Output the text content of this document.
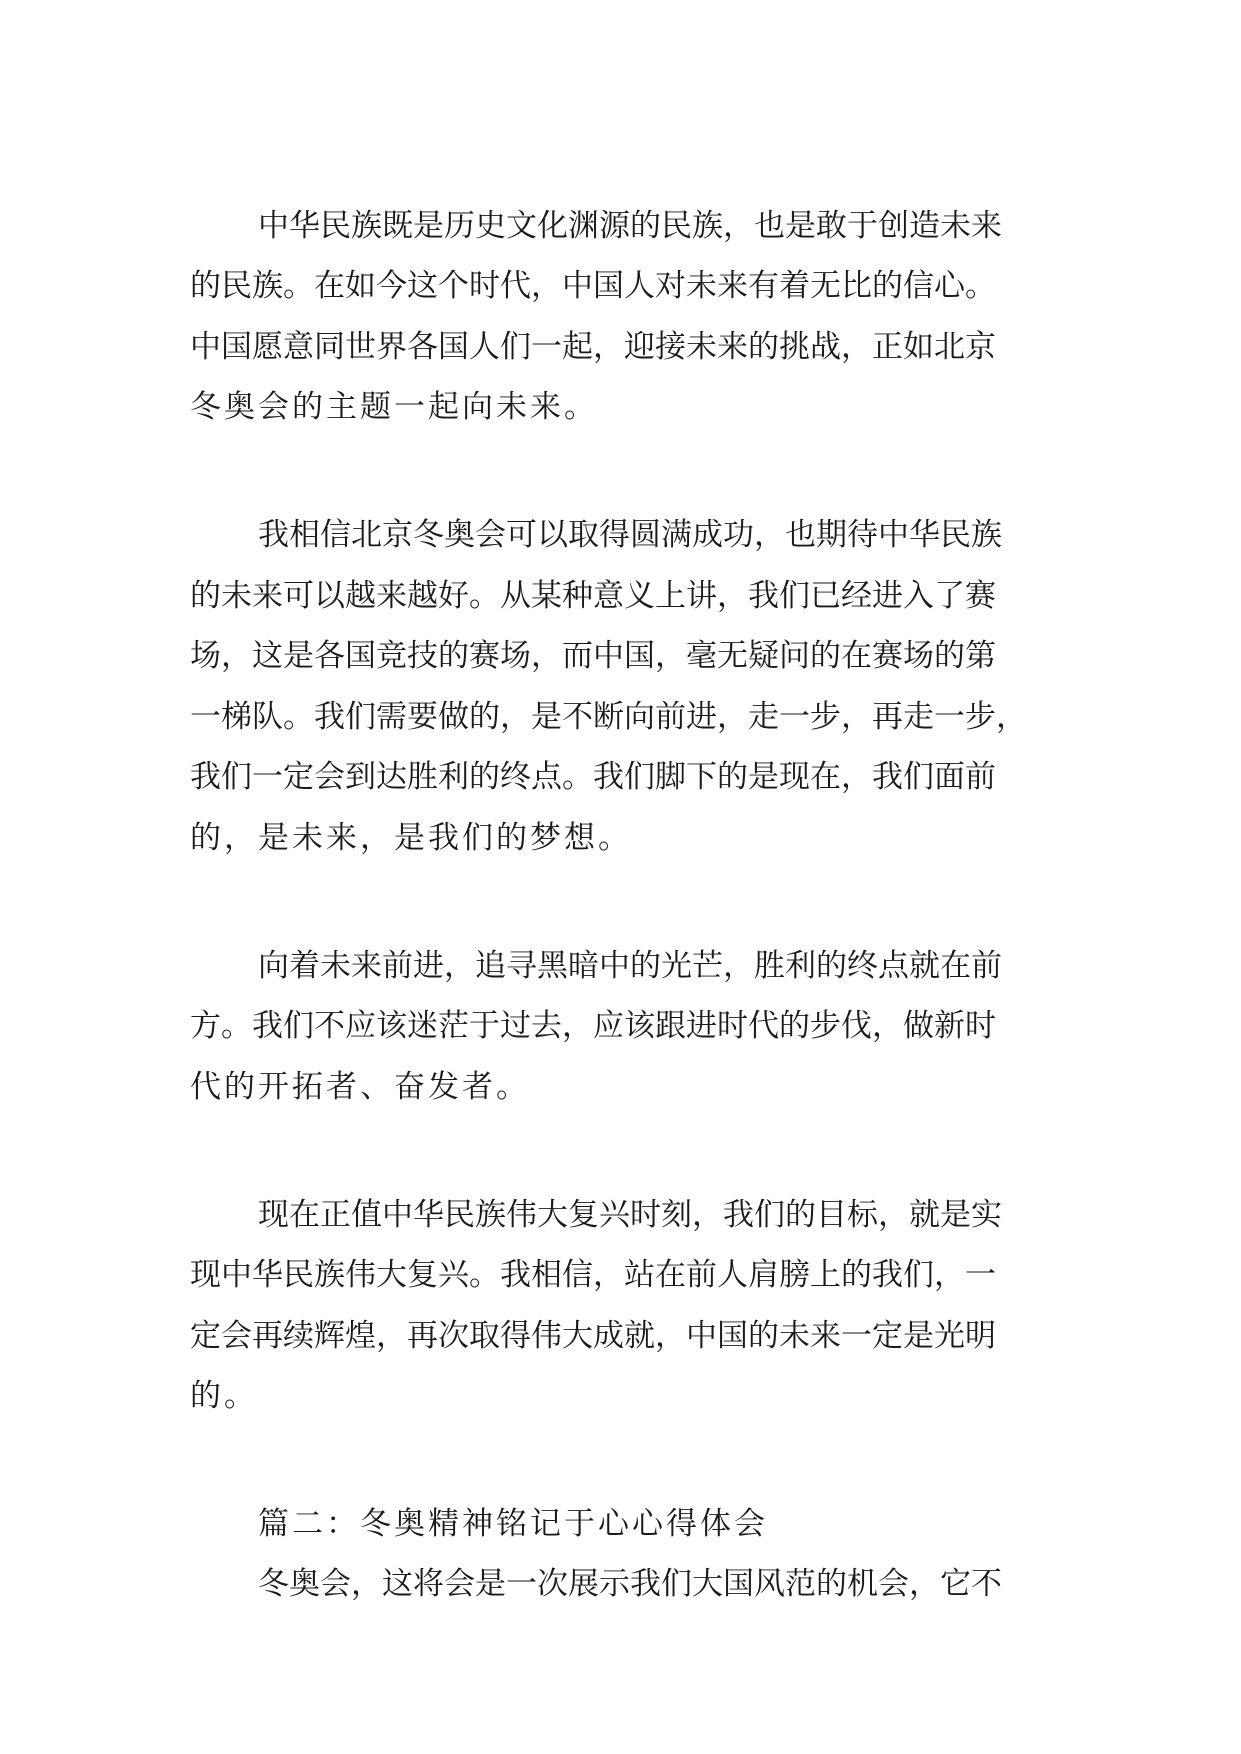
中华民族既是历史文化渊源的民族，也是敢于创造未来
的民族。在如今这个时代，中国人对未来有着无比的信心。
中国愿意同世界各国人们一起，迎接未来的挑战，正如北京
冬奥会的主题一起向未来。
我相信北京冬奥会可以取得圆满成功，也期待中华民族
的未来可以越来越好。从某种意义上讲，我们已经进入了赛
场，这是各国竞技的赛场，而中国，毫无疑问的在赛场的第
一梯队。我们需要做的，是不断向前进，走一步，再走一步，
我们一定会到达胜利的终点。我们脚下的是现在，我们面前
的，是未来，是我们的梦想。
向着未来前进，追寻黑暗中的光芒，胜利的终点就在前
方。我们不应该迷茫于过去，应该跟进时代的步伐，做新时
代的开拓者、奋发者。
现在正值中华民族伟大复兴时刻，我们的目标，就是实
现中华民族伟大复兴。我相信，站在前人肩膀上的我们，一
定会再续辉煌，再次取得伟大成就，中国的未来一定是光明
的。
篇二：冬奥精神铭记于心心得体会
冬奥会，这将会是一次展示我们大国风范的机会，它不
